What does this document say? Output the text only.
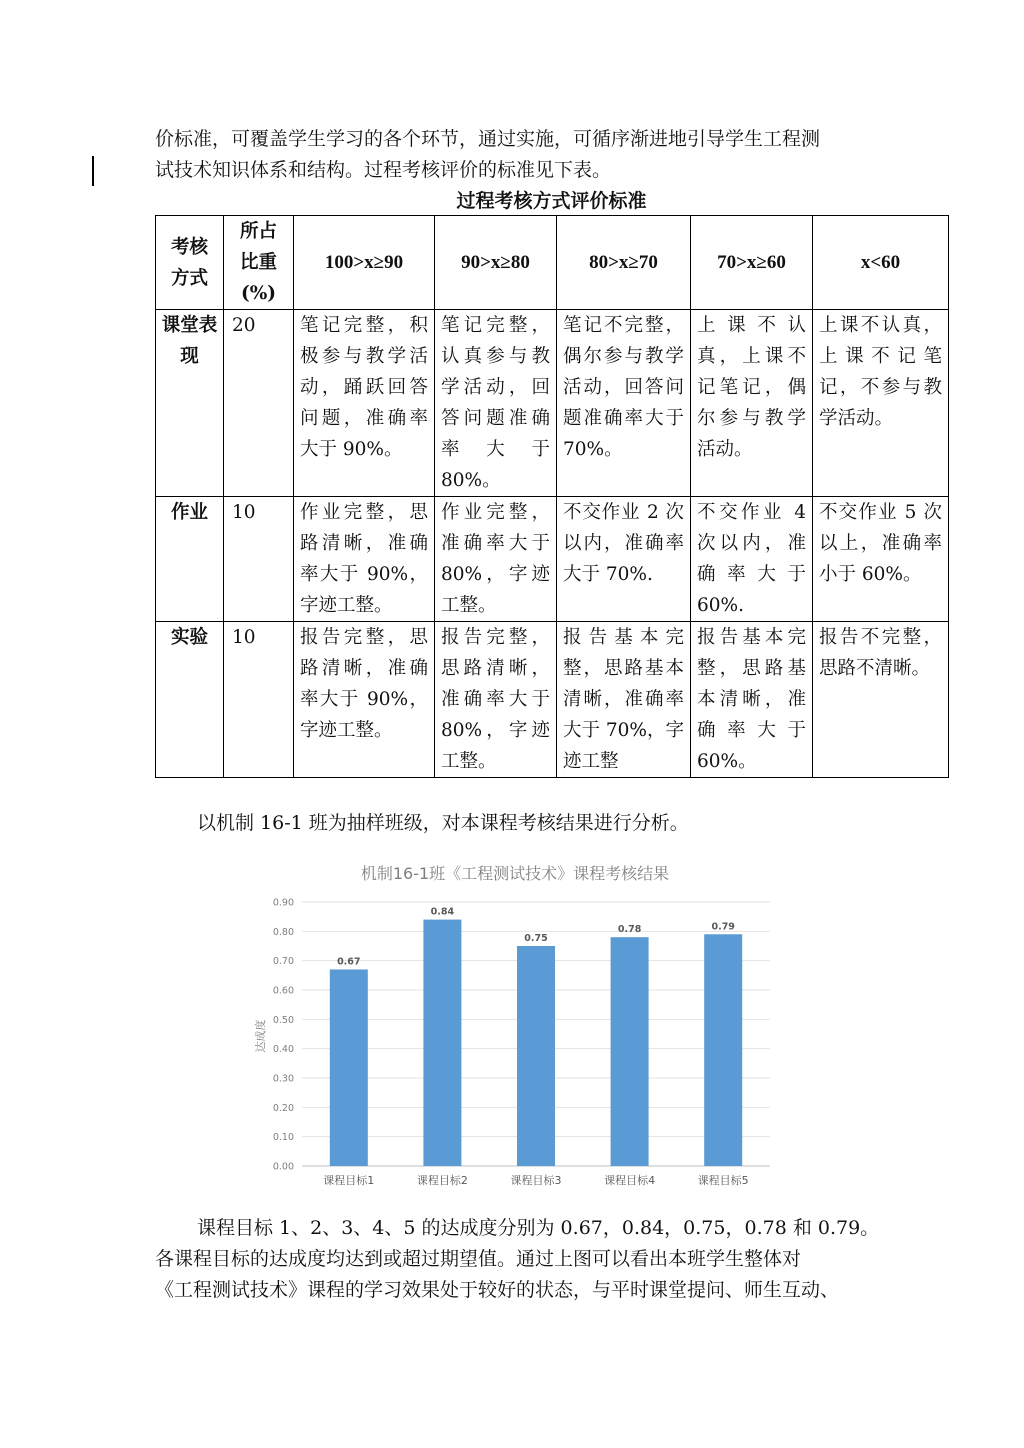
价标准，可覆盖学生学习的各个环节，通过实施，可循序渐进地引导学生工程测
试技术知识体系和结构。过程考核评价的标准见下表。

过程考核方式评价标准

考核方式	所占比重(%)	100>x≥90	90>x≥80	80>x≥70	70>x≥60	x<60
课堂表现	20	笔记完整，积极参与教学活动，踊跃回答问题，准确率大于 90%。	笔记完整，认真参与教学活动，回答问题准确率　大　于80%。	笔记不完整，偶尔参与教学活动，回答问题准确率大于 70%。	上课不认真，上课不记笔记，偶尔参与教学活动。	上课不认真，上课不记笔记，不参与教学活动。
作业	10	作业完整，思路清晰，准确率大于 90%，字迹工整。	作业完整，准确率大于80%，字迹工整。	不交作业 2 次以内，准确率大于 70%.	不交作业 4 次以内，准确率大于60%.	不交作业 5 次以上，准确率小于 60%。
实验	10	报告完整，思路清晰，准确率大于 90%，字迹工整。	报告完整，思路清晰，准确率大于80%，字迹工整。	报告基本完整，思路基本清晰，准确率大于 70%，字迹工整	报告基本完整，思路基本清晰，准确率大于60%。	报告不完整，思路不清晰。

以机制 16-1 班为抽样班级，对本课程考核结果进行分析。

机制16-1班《工程测试技术》课程考核结果
达成度
0.00
0.10
0.20
0.30
0.40
0.50
0.60
0.70
0.80
0.90
0.67
课程目标1
0.84
课程目标2
0.75
课程目标3
0.78
课程目标4
0.79
课程目标5

课程目标 1、2、3、4、5 的达成度分别为 0.67，0.84，0.75，0.78 和 0.79。
各课程目标的达成度均达到或超过期望值。通过上图可以看出本班学生整体对
《工程测试技术》课程的学习效果处于较好的状态，与平时课堂提问、师生互动、
